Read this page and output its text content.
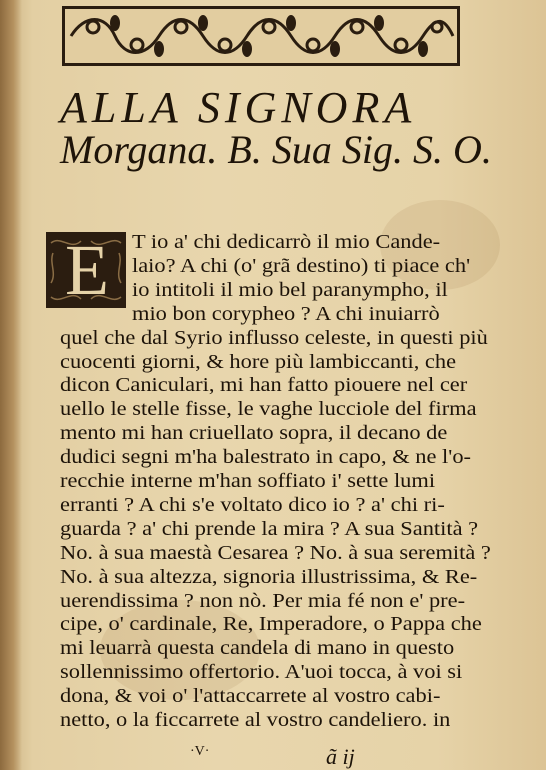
ALLA SIGNORA
Morgana. B. Sua Sig. S. O.
E	T io a' chi dedicarrò il mio Cande-
laio? A chi (o' grã destino) ti piace ch'
io intitoli il mio bel paranympho, il
mio bon corypheo ? A chi inuiarrò
quel che dal Syrio influsso celeste, in questi più
cuocenti giorni, & hore più lambiccanti, che
dicon Caniculari, mi han fatto piouere nel cer
uello le stelle fisse, le vaghe lucciole del firma
mento mi han criuellato sopra, il decano de
dudici segni m'ha balestrato in capo, & ne l'o-
recchie interne m'han soffiato i' sette lumi
erranti ? A chi s'e voltato dico io ? a' chi ri-
guarda ? a' chi prende la mira ? A sua Santità ?
No. à sua maestà Cesarea ? No. à sua seremità ?
No. à sua altezza, signoria illustrissima, & Re-
uerendissima ? non nò. Per mia fé non e' pre-
cipe, o' cardinale, Re, Imperadore, o Pappa che
mi leuarrà questa candela di mano in questo
sollennissimo offertorio. A'uoi tocca, à voi si
dona, & voi o' l'attaccarrete al vostro cabi-
netto, o la ficcarrete al vostro candeliero. in
·V·	ã ij
